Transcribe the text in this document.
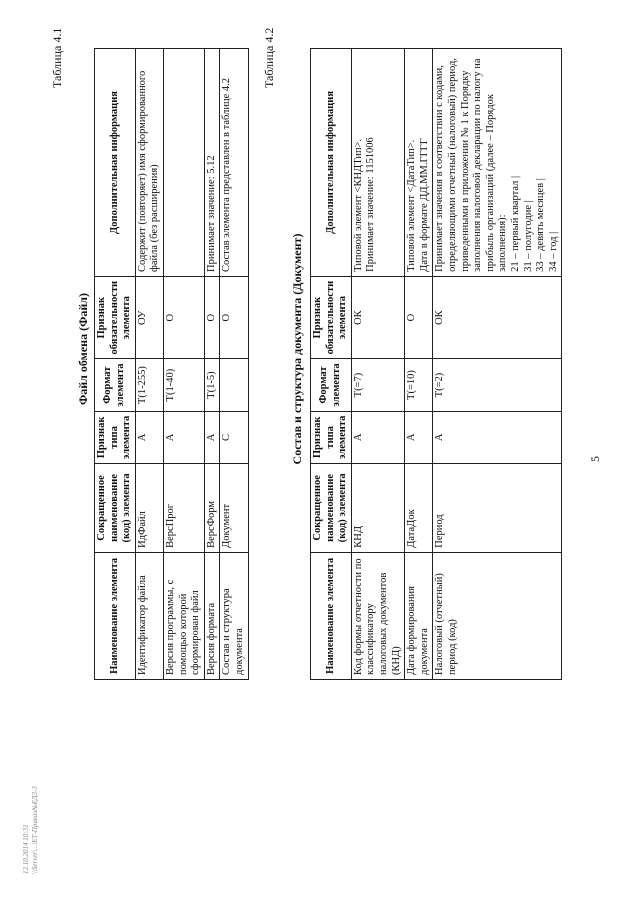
5
Таблица 4.1
Файл обмена (Файл)
Наименование элемента	Сокращенное наименование (код) элемента	Признак типа элемента	Формат элемента	Признак обязательности элемента	Дополнительная информация
Идентификатор файла	ИдФайл	А	T(1-255)	ОУ	Содержит (повторяет) имя сформированного файла (без расширения)
Версия программы, с помощью которой сформирован файл	ВерсПрог	А	T(1-40)	О	
Версия формата	ВерсФорм	А	T(1-5)	О	Принимает значение: 5.12
Состав и структура документа	Документ	С		О	Состав элемента представлен в таблице 4.2
Таблица 4.2
Состав и структура документа (Документ)
Наименование элемента	Сокращенное наименование (код) элемента	Признак типа элемента	Формат элемента	Признак обязательности элемента	Дополнительная информация
Код формы отчетности по классификатору налоговых документов (КНД)	КНД	А	T(=7)	ОК	Типовой элемент <КНДТип>. Принимает значение: 1151006

Дата формирования документа	ДатаДок	А	T(=10)	О	Типовой элемент <ДатаТип>. Дата в формате ДД.ММ.ГГГГ

Налоговый (отчетный) период (код)	Период	А	T(=2)	ОК	Принимает значения в соответствии с кодами, определяющими отчетный (налоговый) период, приведенными в приложении № 1 к Порядку заполнения налоговой декларации по налогу на прибыль организаций (далее – Порядок заполнения): 21 – первый квартал | 31 – полугодие | 33 – девять месяцев | 34 – год |
12.10.2014 10:31 \\Server\...\ЕТ-Приказ№ЕД3-3
